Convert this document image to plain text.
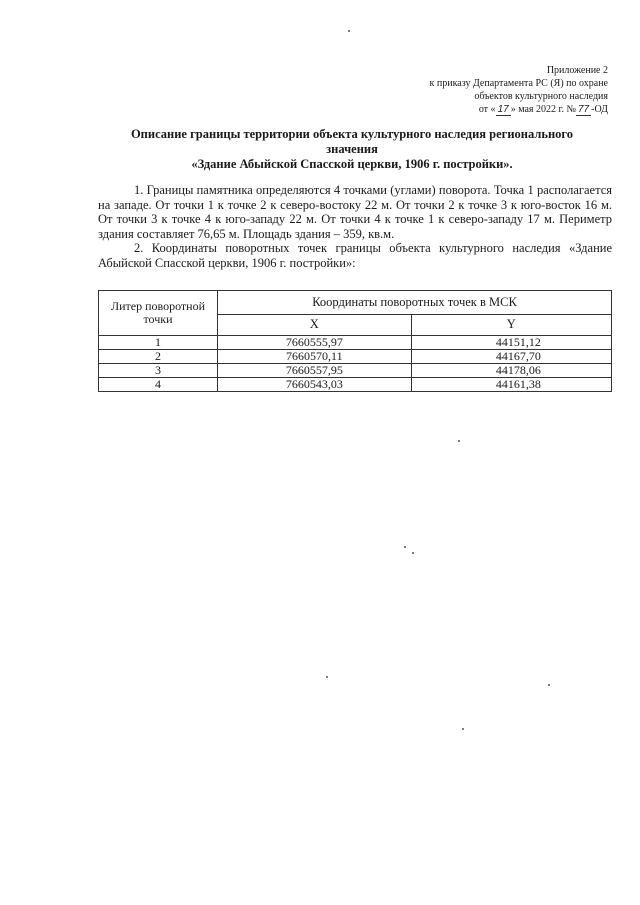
Приложение 2
к приказу Департамента РС (Я) по охране
объектов культурного наследия
от « 17 » мая 2022 г. № 77 -ОД
Описание границы территории объекта культурного наследия регионального
значения
«Здание Абыйской Спасской церкви, 1906 г. постройки».

1. Границы памятника определяются 4 точками (углами) поворота. Точка 1 располагается на западе. От точки 1 к точке 2 к северо-востоку 22 м. От точки 2 к точке 3 к юго-восток 16 м. От точки 3 к точке 4 к юго-западу 22 м. От точки 4 к точке 1 к северо-западу 17 м. Периметр здания составляет 76,65 м. Площадь здания – 359, кв.м.

2. Координаты поворотных точек границы объекта культурного наследия «Здание Абыйской Спасской церкви, 1906 г. постройки»:

Литер поворотной точки	Координаты поворотных точек в МСК	
	X	Y
1	7660555,97	44151,12
2	7660570,11	44167,70
3	7660557,95	44178,06
4	7660543,03	44161,38
